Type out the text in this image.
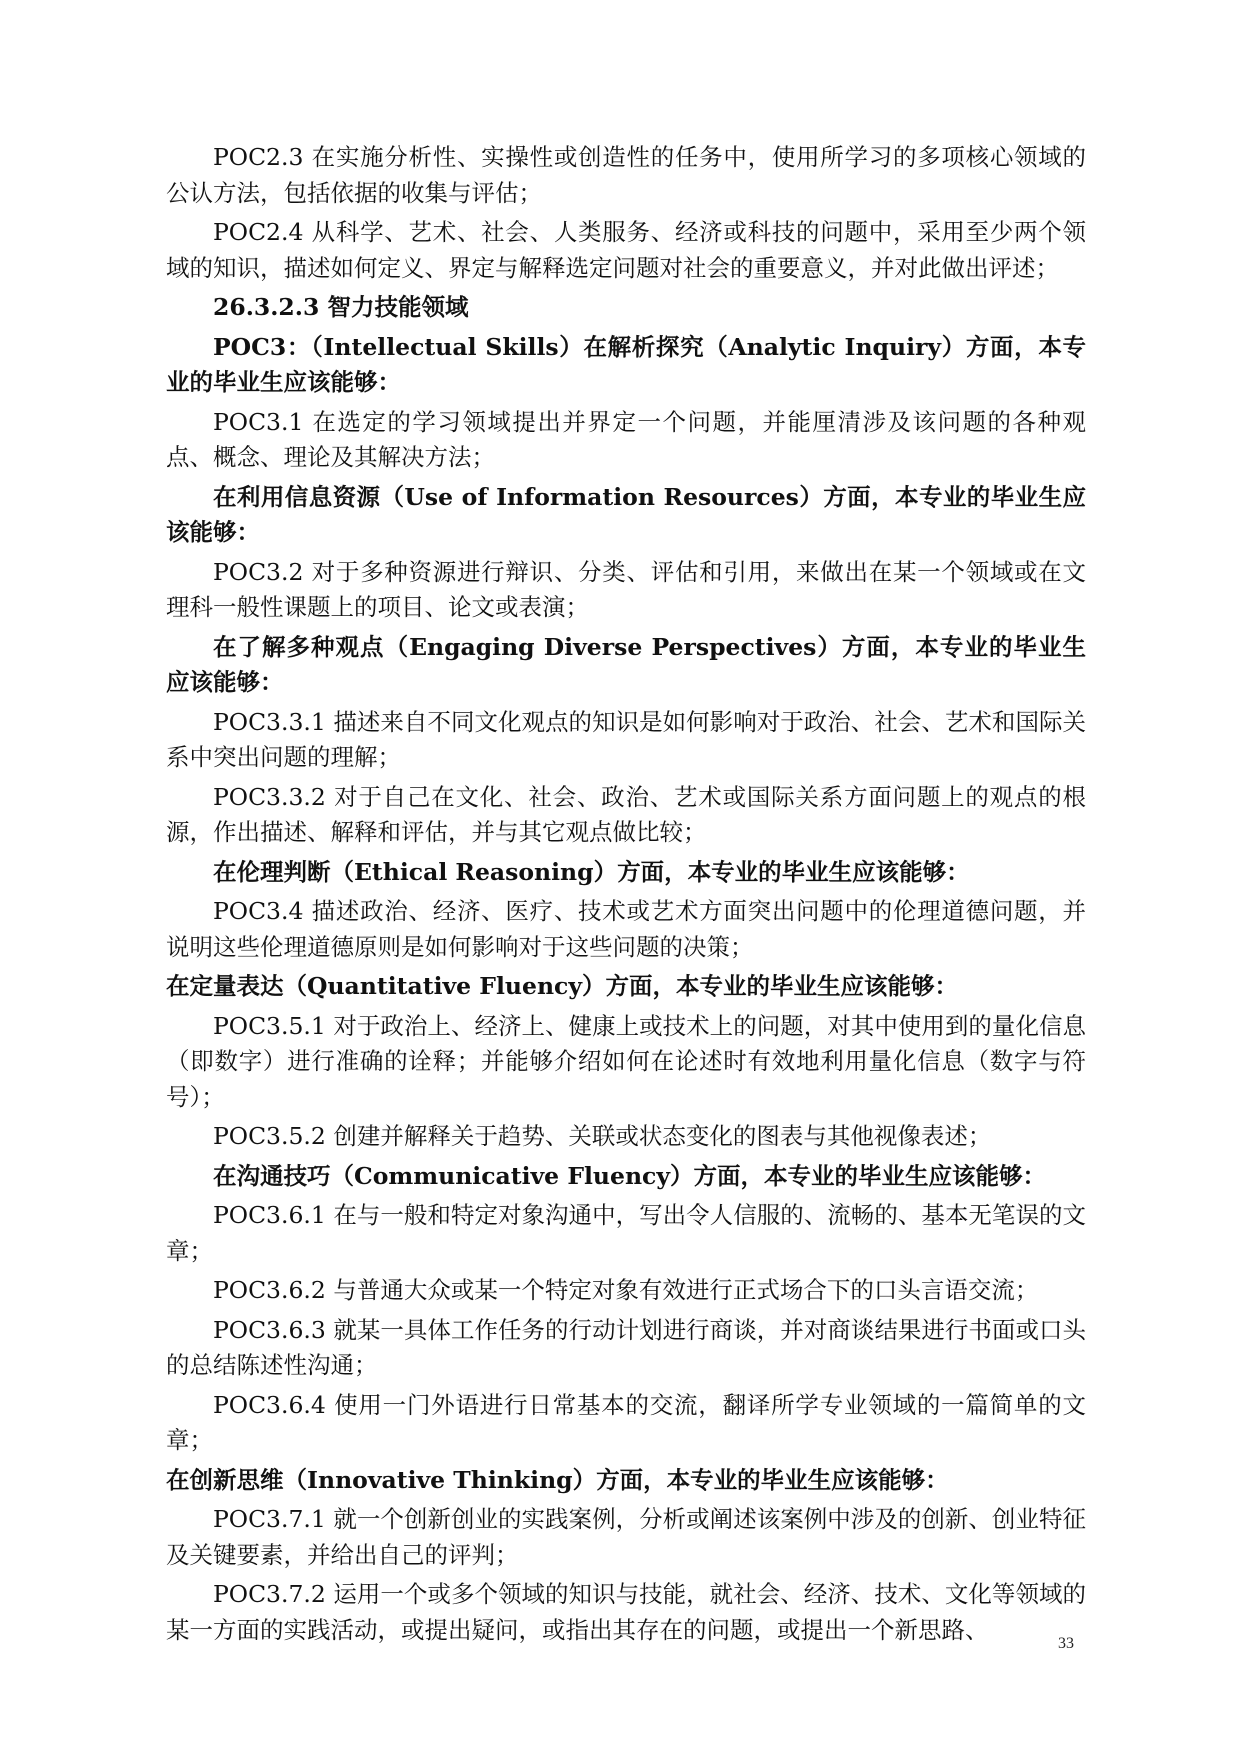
POC2.3 在实施分析性、实操性或创造性的任务中，使用所学习的多项核心领域的公认方法，包括依据的收集与评估；

POC2.4 从科学、艺术、社会、人类服务、经济或科技的问题中，采用至少两个领域的知识，描述如何定义、界定与解释选定问题对社会的重要意义，并对此做出评述；

26.3.2.3 智力技能领域

POC3：（Intellectual Skills）在解析探究（Analytic Inquiry）方面，本专业的毕业生应该能够：

POC3.1 在选定的学习领域提出并界定一个问题，并能厘清涉及该问题的各种观点、概念、理论及其解决方法；

在利用信息资源（Use of Information Resources）方面，本专业的毕业生应该能够：

POC3.2 对于多种资源进行辩识、分类、评估和引用，来做出在某一个领域或在文理科一般性课题上的项目、论文或表演；

在了解多种观点（Engaging Diverse Perspectives）方面，本专业的毕业生应该能够：

POC3.3.1 描述来自不同文化观点的知识是如何影响对于政治、社会、艺术和国际关系中突出问题的理解；

POC3.3.2 对于自己在文化、社会、政治、艺术或国际关系方面问题上的观点的根源，作出描述、解释和评估，并与其它观点做比较；

在伦理判断（Ethical Reasoning）方面，本专业的毕业生应该能够：

POC3.4 描述政治、经济、医疗、技术或艺术方面突出问题中的伦理道德问题，并说明这些伦理道德原则是如何影响对于这些问题的决策；

在定量表达（Quantitative Fluency）方面，本专业的毕业生应该能够：

POC3.5.1 对于政治上、经济上、健康上或技术上的问题，对其中使用到的量化信息（即数字）进行准确的诠释；并能够介绍如何在论述时有效地利用量化信息（数字与符号）；

POC3.5.2 创建并解释关于趋势、关联或状态变化的图表与其他视像表述；

在沟通技巧（Communicative Fluency）方面，本专业的毕业生应该能够：

POC3.6.1 在与一般和特定对象沟通中，写出令人信服的、流畅的、基本无笔误的文章；

POC3.6.2 与普通大众或某一个特定对象有效进行正式场合下的口头言语交流；

POC3.6.3 就某一具体工作任务的行动计划进行商谈，并对商谈结果进行书面或口头的总结陈述性沟通；

POC3.6.4 使用一门外语进行日常基本的交流，翻译所学专业领域的一篇简单的文章；

在创新思维（Innovative Thinking）方面，本专业的毕业生应该能够：

POC3.7.1 就一个创新创业的实践案例，分析或阐述该案例中涉及的创新、创业特征及关键要素，并给出自己的评判；

POC3.7.2 运用一个或多个领域的知识与技能，就社会、经济、技术、文化等领域的某一方面的实践活动，或提出疑问，或指出其存在的问题，或提出一个新思路、	33
